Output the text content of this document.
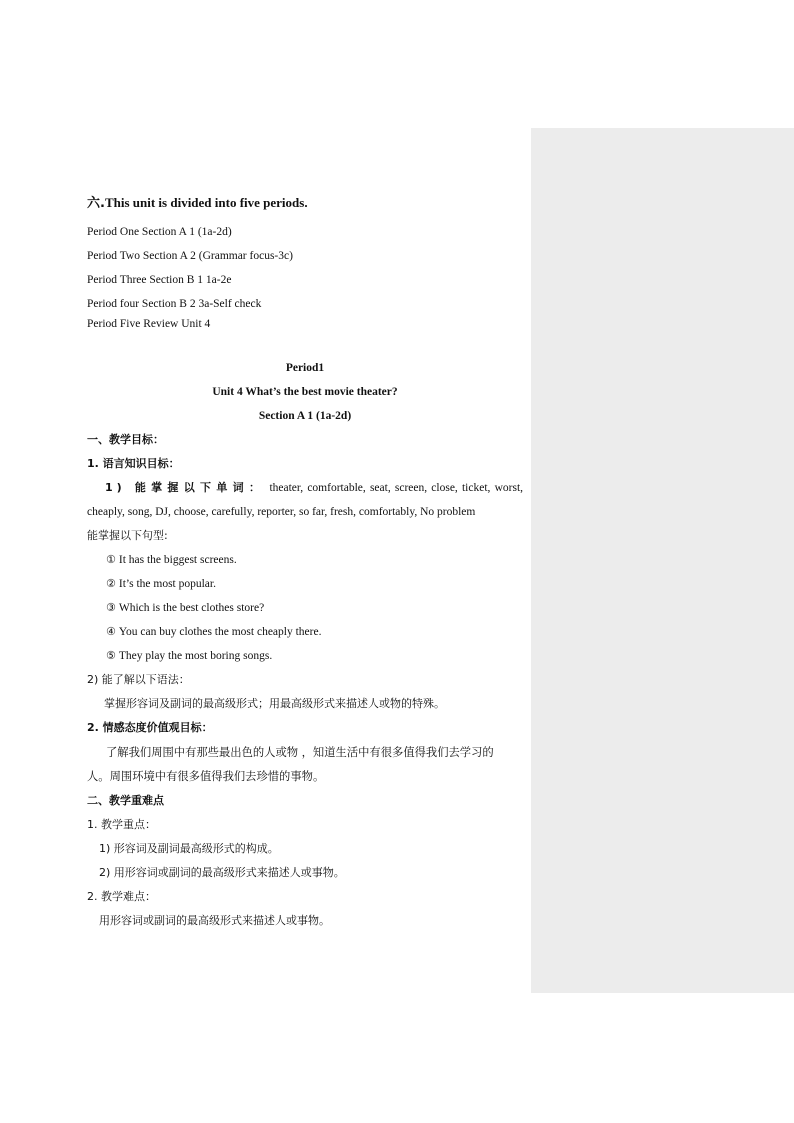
六.This unit is divided into five periods.
Period One Section A 1 (1a-2d)
Period Two Section A 2 (Grammar focus-3c)
Period Three Section B 1 1a-2e
Period four Section B 2 3a-Self check
Period Five Review Unit 4
Period1
Unit 4 What’s the best movie theater?
Section A 1 (1a-2d)
一、教学目标：
1. 语言知识目标：
1) 能掌握以下单词： theater, comfortable, seat, screen, close, ticket, worst,
cheaply, song, DJ, choose, carefully, reporter, so far, fresh, comfortably, No problem
能掌握以下句型:
① It has the biggest screens.
② It’s the most popular.
③ Which is the best clothes store?
④ You can buy clothes the most cheaply there.
⑤ They play the most boring songs.
2) 能了解以下语法：
掌握形容词及副词的最高级形式；用最高级形式来描述人或物的特殊。
2. 情感态度价值观目标：
了解我们周围中有那些最出色的人或物 ，知道生活中有很多值得我们去学习的
人。周围环境中有很多值得我们去珍惜的事物。
二、教学重难点
1. 教学重点：
1) 形容词及副词最高级形式的构成。
2) 用形容词或副词的最高级形式来描述人或事物。
2. 教学难点：
用形容词或副词的最高级形式来描述人或事物。
